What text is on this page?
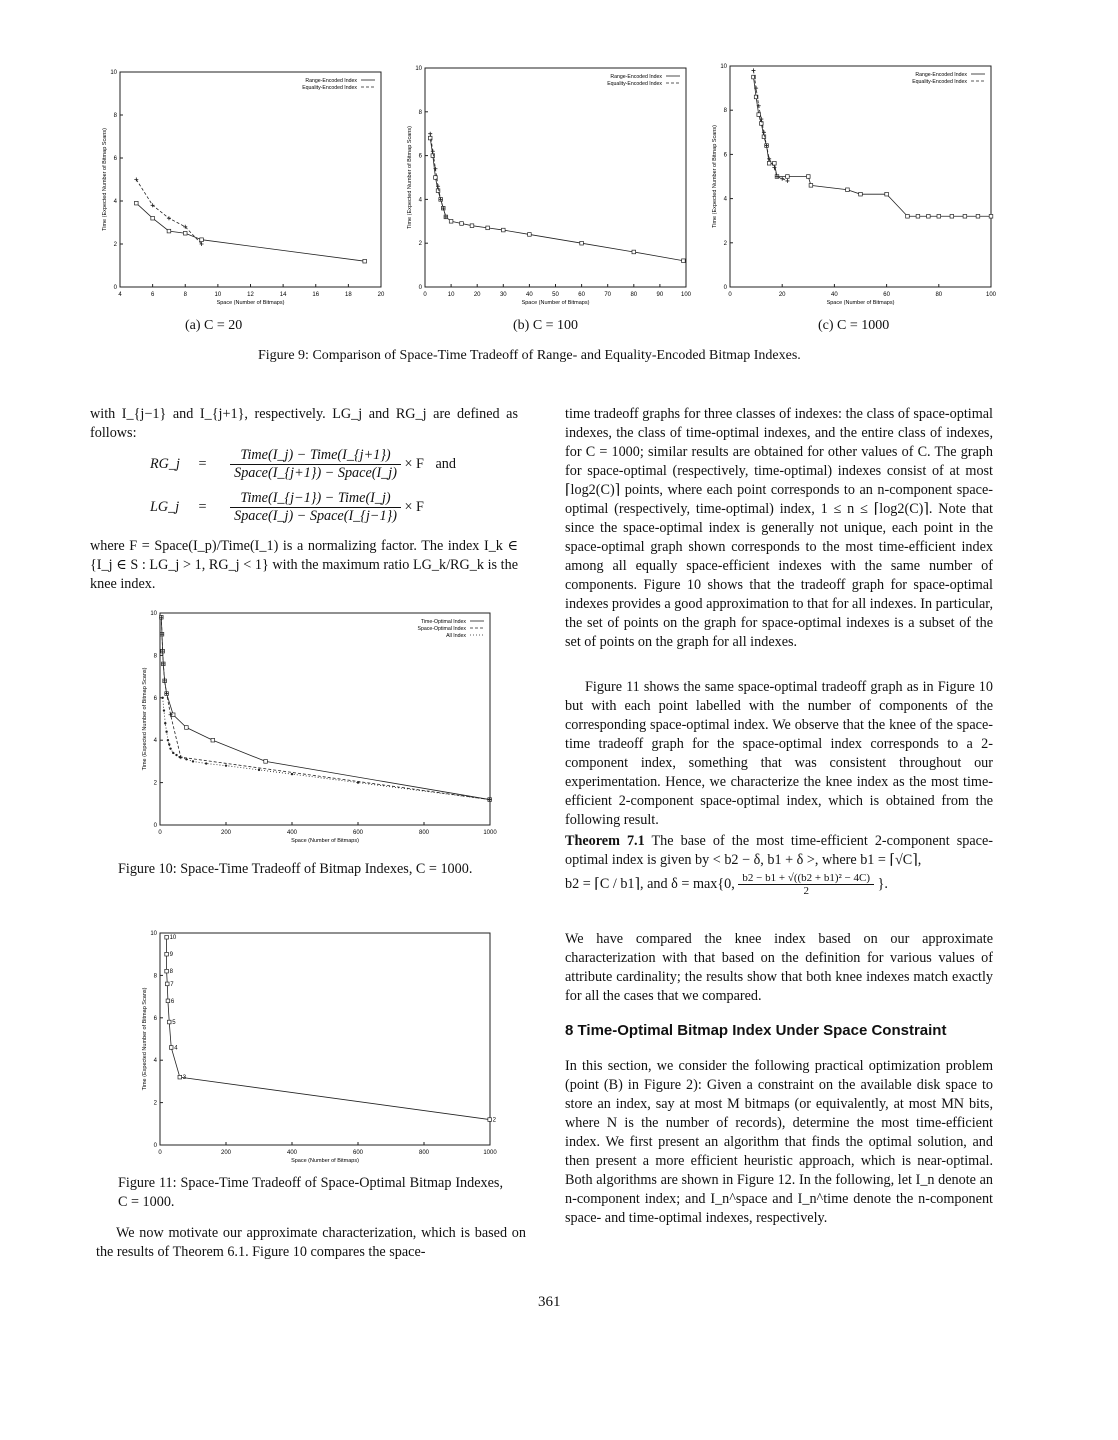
4	6	8	10	12	14	16	18	20
0
2
4
6
8
10
Space (Number of Bitmaps)
Time (Expected Number of Bitmap Scans)
Range-Encoded Index
Equality-Encoded Index
0	10	20	30	40	50	60	70	80	90	100
0
2
4
6
8
10
Space (Number of Bitmaps)
Time (Expected Number of Bitmap Scans)
Range-Encoded Index
Equality-Encoded Index
0	20	40	60	80	100
0
2
4
6
8
10
Space (Number of Bitmaps)
Time (Expected Number of Bitmap Scans)
Range-Encoded Index
Equality-Encoded Index
(a) C = 20	(b) C = 100	(c) C = 1000
Figure 9: Comparison of Space-Time Tradeoff of Range- and Equality-Encoded Bitmap Indexes.
with I_{j−1} and I_{j+1}, respectively. LG_j and RG_j are defined as follows:
RG_j = $\frac{\text{Time(I\_j) − Time(I\_\{j+1\})}}{\text{Space(I\_\{j+1\}) − Space(I\_j)}} \times F$ and
LG_j = $\frac{\text{Time(I\_\{j−1\}) − Time(I\_j)}}{\text{Space(I\_j) − Space(I\_\{j−1\})}} \times F$
where F = Space(I_p)/Time(I_1) is a normalizing factor. The index I_k ∈ {I_j ∈ S : LG_j > 1, RG_j < 1} with the maximum ratio LG_k/RG_k is the knee index.
0	200	400	600	800	1000
0
2
4
6
8
10
Space (Number of Bitmaps)
Time (Expected Number of Bitmap Scans)
Time-Optimal Index
Space-Optimal Index
All Index
Figure 10: Space-Time Tradeoff of Bitmap Indexes, C = 1000.
0	200	400	600	800	1000
0
2
4
6
8
10
Space (Number of Bitmaps)
Time (Expected Number of Bitmap Scans)
10
9
8
7
6
5
4
3
2
Figure 11: Space-Time Tradeoff of Space-Optimal Bitmap Indexes, C = 1000.
We now motivate our approximate characterization, which is based on the results of Theorem 6.1. Figure 10 compares the space-
time tradeoff graphs for three classes of indexes: the class of space-optimal indexes, the class of time-optimal indexes, and the entire class of indexes, for C = 1000; similar results are obtained for other values of C. The graph for space-optimal (respectively, time-optimal) indexes consist of at most ⌈log2(C)⌉ points, where each point corresponds to an n-component space-optimal (respectively, time-optimal) index, 1 ≤ n ≤ ⌈log2(C)⌉. Note that since the space-optimal index is generally not unique, each point in the space-optimal graph shown corresponds to the most time-efficient index among all equally space-efficient indexes with the same number of components. Figure 10 shows that the tradeoff graph for space-optimal indexes provides a good approximation to that for all indexes. In particular, the set of points on the graph for space-optimal indexes is a subset of the set of points on the graph for all indexes.
Figure 11 shows the same space-optimal tradeoff graph as in Figure 10 but with each point labelled with the number of components of the corresponding space-optimal index. We observe that the knee of the space-time tradeoff graph for the space-optimal index corresponds to a 2-component index, something that was consistent throughout our experimentation. Hence, we characterize the knee index as the most time-efficient 2-component space-optimal index, which is obtained from the following result.
Theorem 7.1 The base of the most time-efficient 2-component space-optimal index is given by < b2 − δ, b1 + δ >, where b1 = ⌈√C⌉,
b2 = ⌈C / b1⌉, and δ = max{0, $\frac{\text{b2 − b1 + √((b2 + b1)² − 4C)}}{2}$ }.
We have compared the knee index based on our approximate characterization with that based on the definition for various values of attribute cardinality; the results show that both knee indexes match exactly for all the cases that we compared.
8 Time-Optimal Bitmap Index Under Space Constraint
In this section, we consider the following practical optimization problem (point (B) in Figure 2): Given a constraint on the available disk space to store an index, say at most M bitmaps (or equivalently, at most MN bits, where N is the number of records), determine the most time-efficient index. We first present an algorithm that finds the optimal solution, and then present a more efficient heuristic approach, which is near-optimal. Both algorithms are shown in Figure 12. In the following, let I_n denote an n-component index; and I_n^space and I_n^time denote the n-component space- and time-optimal indexes, respectively.
361
